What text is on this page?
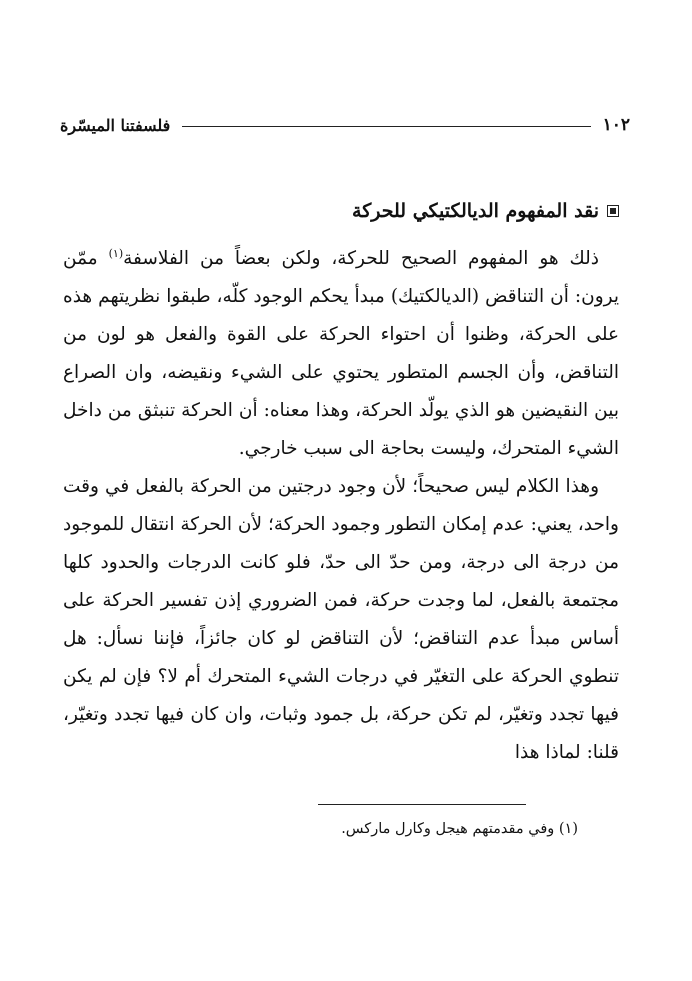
١٠٢
فلسفتنا الميسّرة
نقد المفهوم الديالكتيكي للحركة

ذلك هو المفهوم الصحيح للحركة، ولكن بعضاً من الفلاسفة$^{(١)}$ ممّن يرون: أن التناقض (الديالكتيك) مبدأ يحكم الوجود كلّه، طبقوا نظريتهم هذه على الحركة، وظنوا أن احتواء الحركة على القوة والفعل هو لون من التناقض، وأن الجسم المتطور يحتوي على الشيء ونقيضه، وان الصراع بين النقيضين هو الذي يولّد الحركة، وهذا معناه: أن الحركة تنبثق من داخل الشيء المتحرك، وليست بحاجة الى سبب خارجي.

وهذا الكلام ليس صحيحاً؛ لأن وجود درجتين من الحركة بالفعل في وقت واحد، يعني: عدم إمكان التطور وجمود الحركة؛ لأن الحركة انتقال للموجود من درجة الى درجة، ومن حدّ الى حدّ، فلو كانت الدرجات والحدود كلها مجتمعة بالفعل، لما وجدت حركة، فمن الضروري إذن تفسير الحركة على أساس مبدأ عدم التناقض؛ لأن التناقض لو كان جائزاً، فإننا نسأل: هل تنطوي الحركة على التغيّر في درجات الشيء المتحرك أم لا؟ فإن لم يكن فيها تجدد وتغيّر، لم تكن حركة، بل جمود وثبات، وان كان فيها تجدد وتغيّر، قلنا: لماذا هذا

(١) وفي مقدمتهم هيجل وكارل ماركس.
